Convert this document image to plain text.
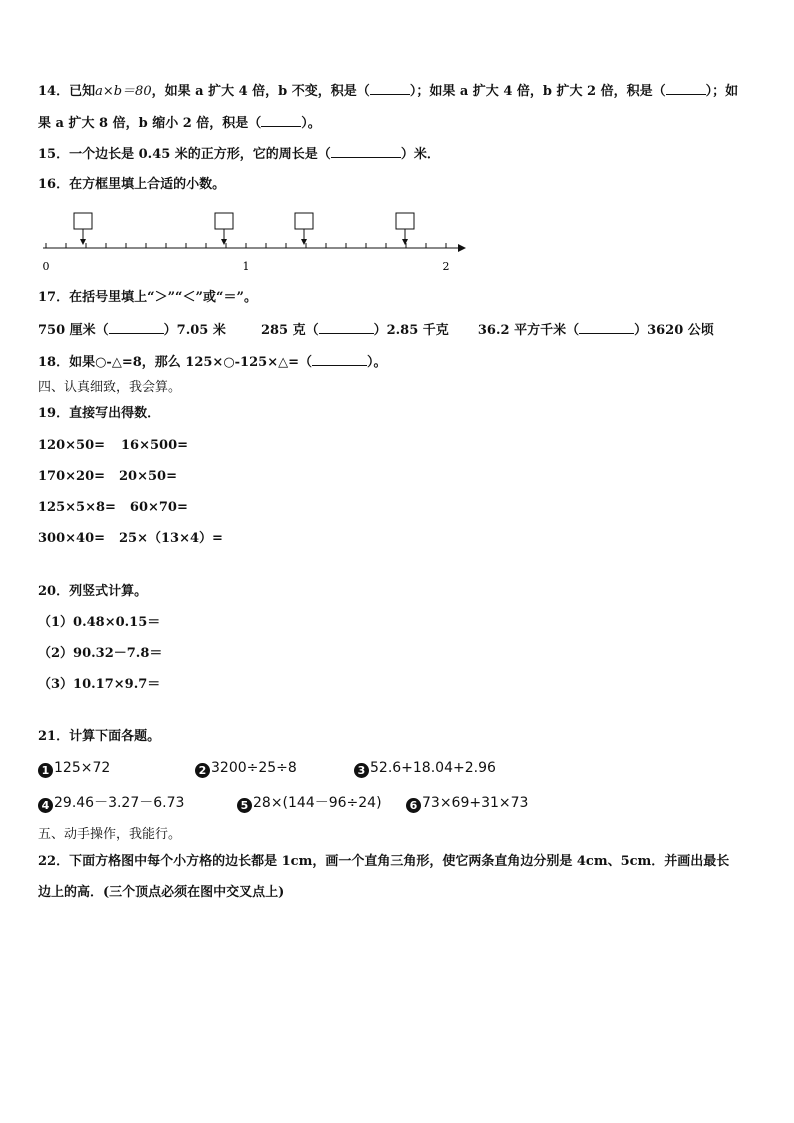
14．已知a×b＝80，如果 a 扩大 4 倍，b 不变，积是（	）；如果 a 扩大 4 倍，b 扩大 2 倍，积是（	）；如
果 a 扩大 8 倍，b 缩小 2 倍，积是（	）。
15．一个边长是 0.45 米的正方形，它的周长是（	）米．
16．在方框里填上合适的小数。
0	1	2
17．在括号里填上“＞”“＜”或“＝”。
750 厘米（	）7.05 米	285 克（	）2.85 千克 36.2 平方千米（	）3620 公顷
18．如果○-△=8，那么 125×○-125×△=（	）。
四、认真细致，我会算。
19．直接写出得数．
120×50= 16×500=
170×20= 20×50=
125×5×8= 60×70=
300×40= 25×（13×4）=
20．列竖式计算。
（1）0.48×0.15＝
（2）90.32－7.8＝
（3）10.17×9.7＝
21．计算下面各题。
1 125×72	2 3200÷25÷8	3 52.6+18.04+2.96
4 29.46－3.27－6.73	5 28×(144－96÷24)	6 73×69+31×73
五、动手操作，我能行。
22．下面方格图中每个小方格的边长都是 1cm，画一个直角三角形，使它两条直角边分别是 4cm、5cm．并画出最长
边上的高．(三个顶点必须在图中交叉点上)
